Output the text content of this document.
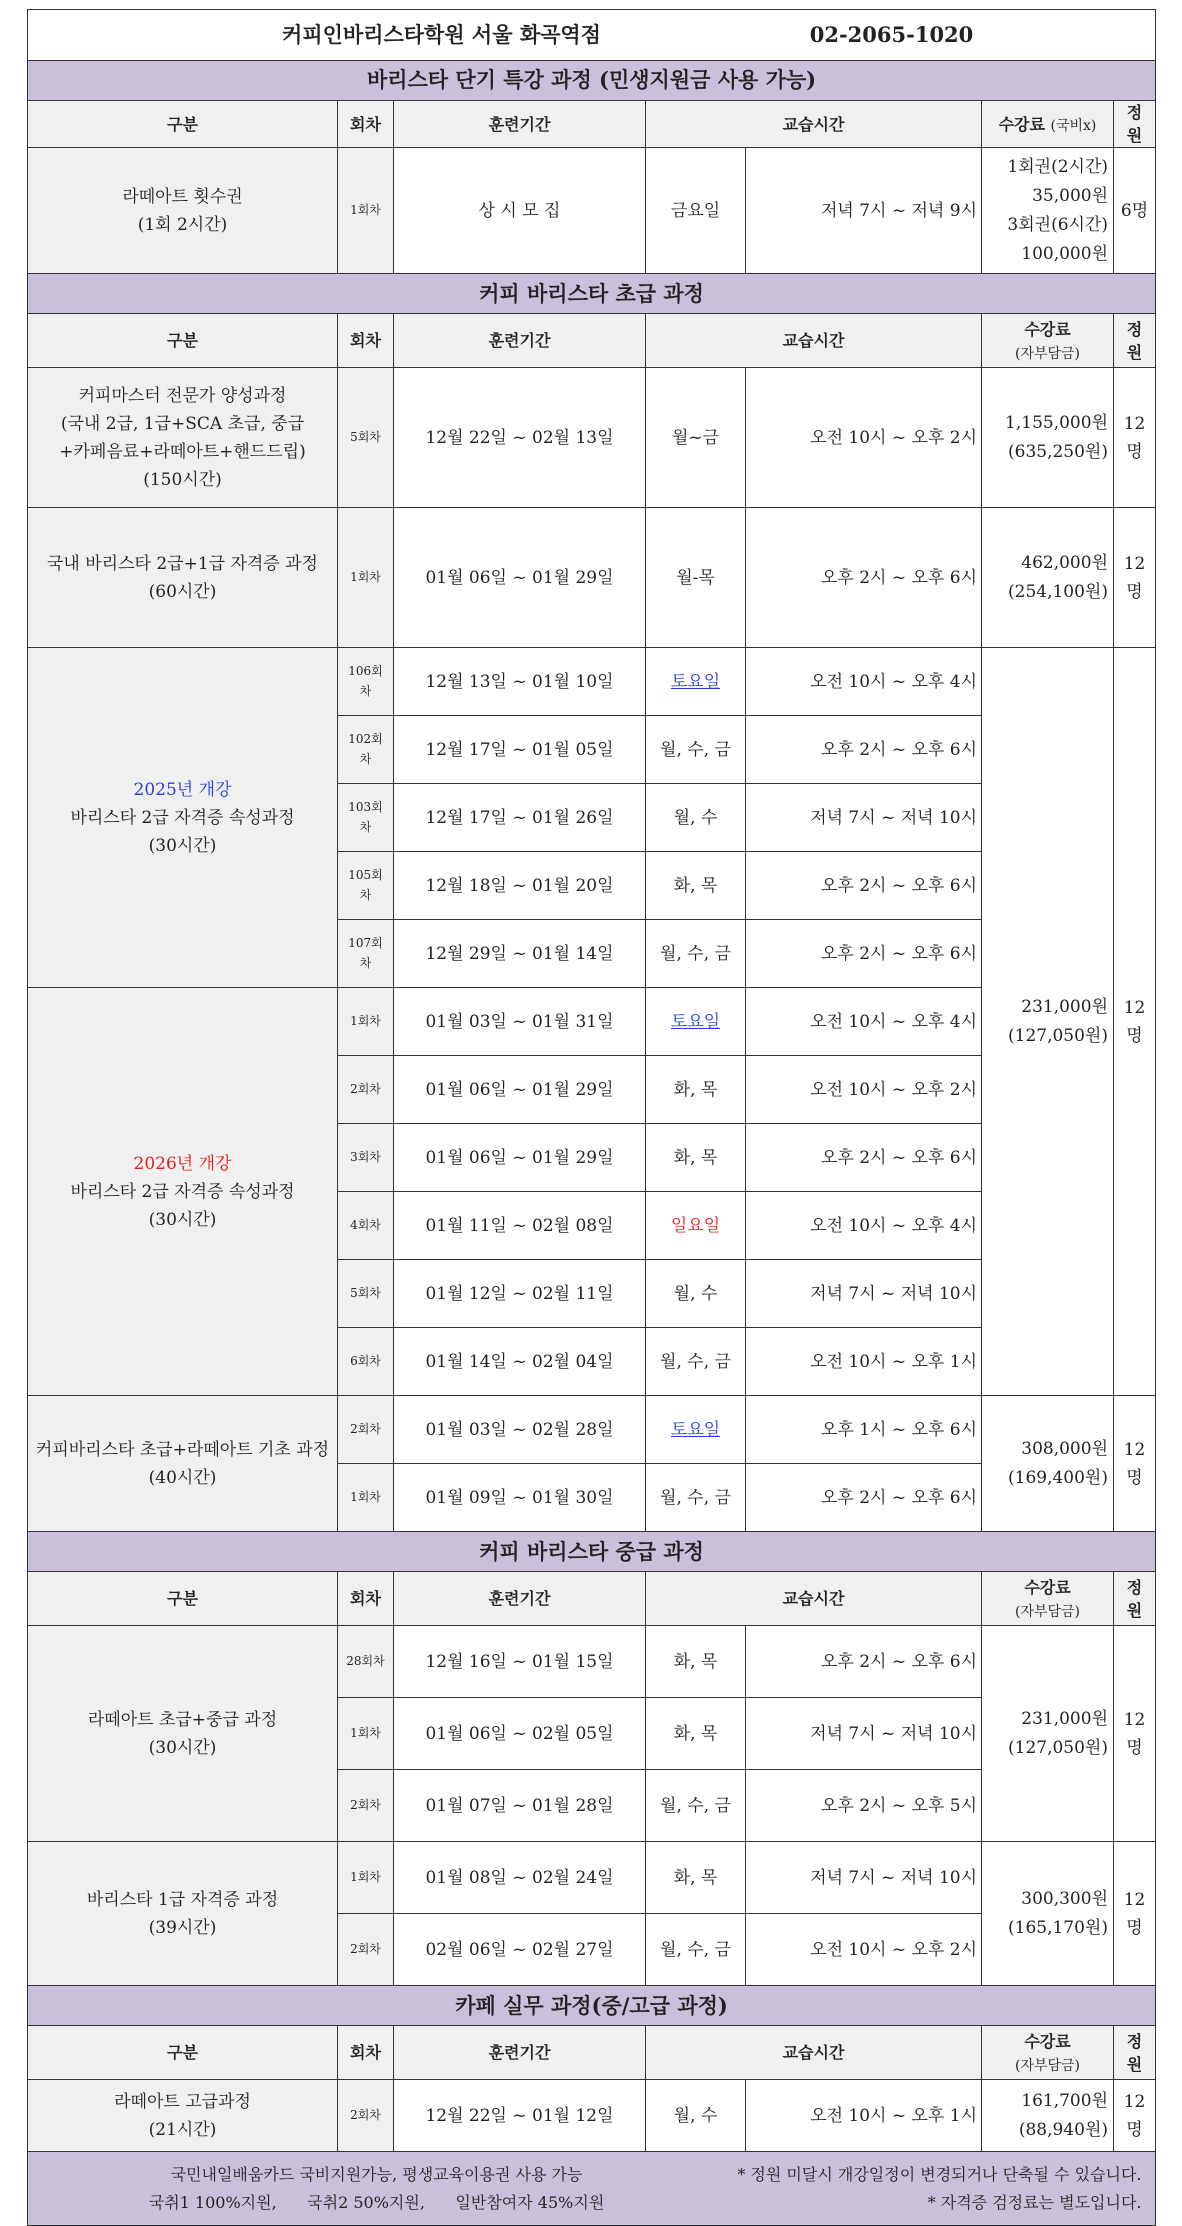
커피인바리스타학원 서울 화곡역점 02-2065-1020						
바리스타 단기 특강 과정 (민생지원금 사용 가능)						
구분	회차	훈련기간	교습시간		수강료 (국비x)	정원
라떼아트 횟수권
(1회 2시간)	1회차	상 시 모 집	금요일	저녁 7시 ~ 저녁 9시	1회권(2시간)
35,000원
3회권(6시간)
100,000원	6명
커피 바리스타 초급 과정						
구분	회차	훈련기간	교습시간		수강료
(자부담금)	정원
커피마스터 전문가 양성과정
(국내 2급, 1급+SCA 초급, 중급
+카페음료+라떼아트+핸드드립)
(150시간)	5회차	12월 22일 ~ 02월 13일	월~금	오전 10시 ~ 오후 2시	1,155,000원
(635,250원)	12명
국내 바리스타 2급+1급 자격증 과정
(60시간)	1회차	01월 06일 ~ 01월 29일	월-목	오후 2시 ~ 오후 6시	462,000원
(254,100원)	12명
2025년 개강
바리스타 2급 자격증 속성과정
(30시간)	106회차	12월 13일 ~ 01월 10일	토요일	오전 10시 ~ 오후 4시	231,000원
(127,050원)	12명
	102회차	12월 17일 ~ 01월 05일	월, 수, 금	오후 2시 ~ 오후 6시		
	103회차	12월 17일 ~ 01월 26일	월, 수	저녁 7시 ~ 저녁 10시		
	105회차	12월 18일 ~ 01월 20일	화, 목	오후 2시 ~ 오후 6시		
	107회차	12월 29일 ~ 01월 14일	월, 수, 금	오후 2시 ~ 오후 6시		
2026년 개강
바리스타 2급 자격증 속성과정
(30시간)	1회차	01월 03일 ~ 01월 31일	토요일	오전 10시 ~ 오후 4시		
	2회차	01월 06일 ~ 01월 29일	화, 목	오전 10시 ~ 오후 2시		
	3회차	01월 06일 ~ 01월 29일	화, 목	오후 2시 ~ 오후 6시		
	4회차	01월 11일 ~ 02월 08일	일요일	오전 10시 ~ 오후 4시		
	5회차	01월 12일 ~ 02월 11일	월, 수	저녁 7시 ~ 저녁 10시		
	6회차	01월 14일 ~ 02월 04일	월, 수, 금	오전 10시 ~ 오후 1시		
커피바리스타 초급+라떼아트 기초 과정
(40시간)	2회차	01월 03일 ~ 02월 28일	토요일	오후 1시 ~ 오후 6시	308,000원
(169,400원)	12명
	1회차	01월 09일 ~ 01월 30일	월, 수, 금	오후 2시 ~ 오후 6시		
커피 바리스타 중급 과정						
구분	회차	훈련기간	교습시간		수강료
(자부담금)	정원
라떼아트 초급+중급 과정
(30시간)	28회차	12월 16일 ~ 01월 15일	화, 목	오후 2시 ~ 오후 6시	231,000원
(127,050원)	12명
	1회차	01월 06일 ~ 02월 05일	화, 목	저녁 7시 ~ 저녁 10시		
	2회차	01월 07일 ~ 01월 28일	월, 수, 금	오후 2시 ~ 오후 5시		
바리스타 1급 자격증 과정
(39시간)	1회차	01월 08일 ~ 02월 24일	화, 목	저녁 7시 ~ 저녁 10시	300,300원
(165,170원)	12명
	2회차	02월 06일 ~ 02월 27일	월, 수, 금	오전 10시 ~ 오후 2시		
카페 실무 과정(중/고급 과정)						
구분	회차	훈련기간	교습시간		수강료
(자부담금)	정원
라떼아트 고급과정
(21시간)	2회차	12월 22일 ~ 01월 12일	월, 수	오전 10시 ~ 오후 1시	161,700원
(88,940원)	12명
국민내일배움카드 국비지원가능, 평생교육이용권 사용 가능
국취1 100%지원,      국취2 50%지원,      일반참여자 45%지원* 정원 미달시 개강일정이 변경되거나 단축될 수 있습니다.
* 자격증 검정료는 별도입니다.						
